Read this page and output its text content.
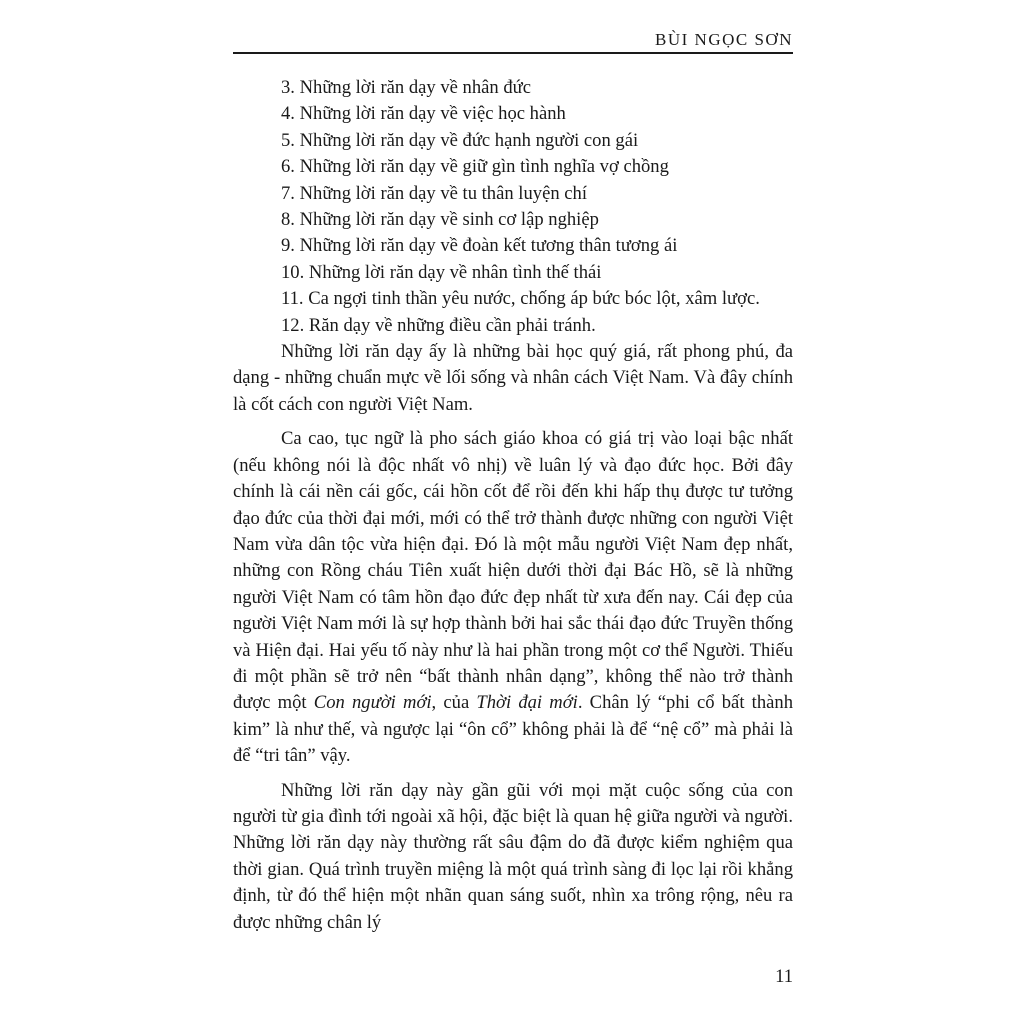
BÙI NGỌC SƠN
3. Những lời răn dạy về nhân đức
4. Những lời răn dạy về việc học hành
5. Những lời răn dạy về đức hạnh người con gái
6. Những lời răn dạy về giữ gìn tình nghĩa vợ chồng
7. Những lời răn dạy về tu thân luyện chí
8. Những lời răn dạy về sinh cơ lập nghiệp
9. Những lời răn dạy về đoàn kết tương thân tương ái
10. Những lời răn dạy về nhân tình thế thái
11. Ca ngợi tinh thần yêu nước, chống áp bức bóc lột, xâm lược.
12. Răn dạy về những điều cần phải tránh.

Những lời răn dạy ấy là những bài học quý giá, rất phong phú, đa dạng - những chuẩn mực về lối sống và nhân cách Việt Nam. Và đây chính là cốt cách con người Việt Nam.

Ca cao, tục ngữ là pho sách giáo khoa có giá trị vào loại bậc nhất (nếu không nói là độc nhất vô nhị) về luân lý và đạo đức học. Bởi đây chính là cái nền cái gốc, cái hồn cốt để rồi đến khi hấp thụ được tư tưởng đạo đức của thời đại mới, mới có thể trở thành được những con người Việt Nam vừa dân tộc vừa hiện đại. Đó là một mẫu người Việt Nam đẹp nhất, những con Rồng cháu Tiên xuất hiện dưới thời đại Bác Hồ, sẽ là những người Việt Nam có tâm hồn đạo đức đẹp nhất từ xưa đến nay. Cái đẹp của người Việt Nam mới là sự hợp thành bởi hai sắc thái đạo đức Truyền thống và Hiện đại. Hai yếu tố này như là hai phần trong một cơ thể Người. Thiếu đi một phần sẽ trở nên “bất thành nhân dạng”, không thể nào trở thành được một Con người mới, của Thời đại mới. Chân lý “phi cổ bất thành kim” là như thế, và ngược lại “ôn cổ” không phải là để “nệ cổ” mà phải là để “tri tân” vậy.

Những lời răn dạy này gần gũi với mọi mặt cuộc sống của con người từ gia đình tới ngoài xã hội, đặc biệt là quan hệ giữa người và người. Những lời răn dạy này thường rất sâu đậm do đã được kiểm nghiệm qua thời gian. Quá trình truyền miệng là một quá trình sàng đi lọc lại rồi khẳng định, từ đó thể hiện một nhãn quan sáng suốt, nhìn xa trông rộng, nêu ra được những chân lý

11
